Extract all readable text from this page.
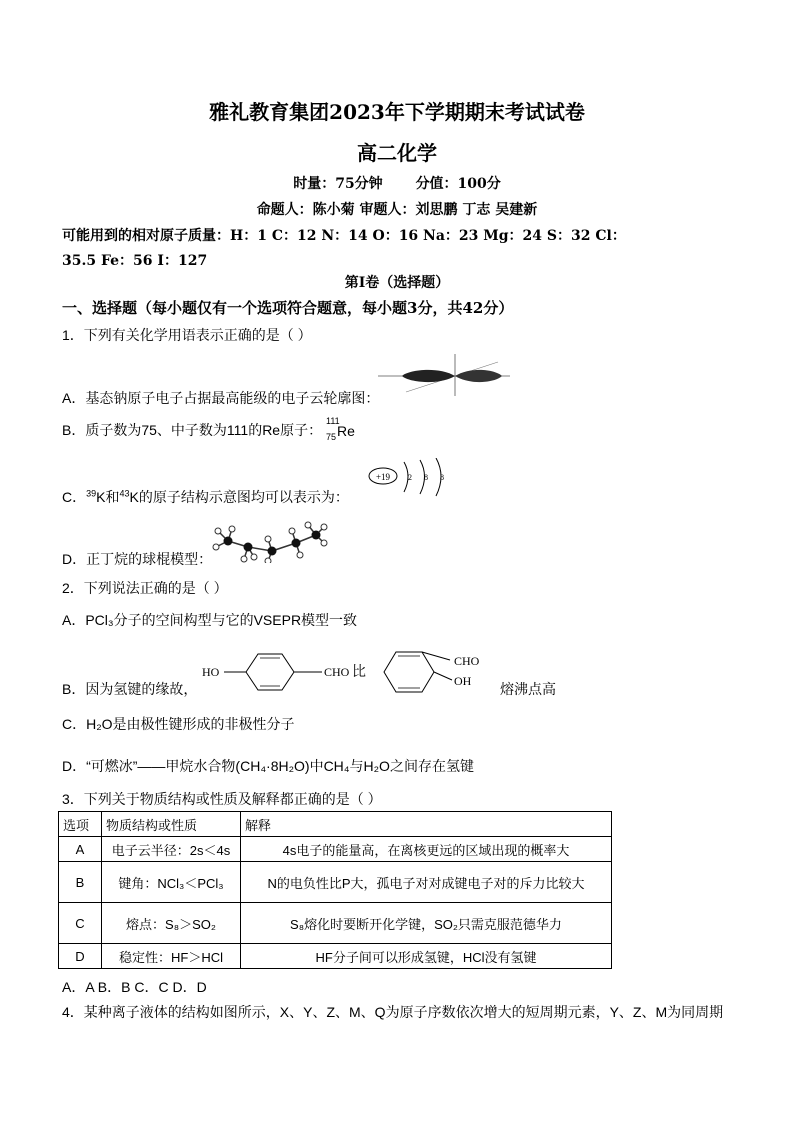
雅礼教育集团2023年下学期期末考试试卷
高二化学
时量：75分钟 分值：100分
命题人：陈小菊 审题人：刘思鹏 丁志 吴建新
可能用到的相对原子质量：H：1 C：12 N：14 O：16 Na：23 Mg：24 S：32 Cl：
35.5 Fe：56 I：127
第Ⅰ卷（选择题）
一、选择题（每小题仅有一个选项符合题意，每小题3分，共42分）
1．下列有关化学用语表示正确的是（ ）
A．基态钠原子电子占据最高能级的电子云轮廓图：
B．质子数为75、中子数为111的Re原子：
111
75 Re
+19 2 8 8
C．$^{39}$K和$^{43}$K的原子结构示意图均可以表示为：
D．正丁烷的球棍模型：
2．下列说法正确的是（ ）
A．PCl₃分子的空间构型与它的VSEPR模型一致
B．因为氢键的缘故，
HO	CHO 比
CHO
OH 熔沸点高
C．H₂O是由极性键形成的非极性分子
D．“可燃冰”——甲烷水合物(CH₄·8H₂O)中CH₄与H₂O之间存在氢键
3．下列关于物质结构或性质及解释都正确的是（ ）
选项	物质结构或性质	解释
A	电子云半径：2s＜4s	4s电子的能量高，在离核更远的区域出现的概率大
B	键角：NCl₃＜PCl₃	N的电负性比P大，孤电子对对成键电子对的斥力比较大
C	熔点：S₈＞SO₂	S₈熔化时要断开化学键，SO₂只需克服范德华力
D	稳定性：HF＞HCl	HF分子间可以形成氢键，HCl没有氢键
A．A B．B C．C D．D
4．某种离子液体的结构如图所示，X、Y、Z、M、Q为原子序数依次增大的短周期元素，Y、Z、M为同周期
